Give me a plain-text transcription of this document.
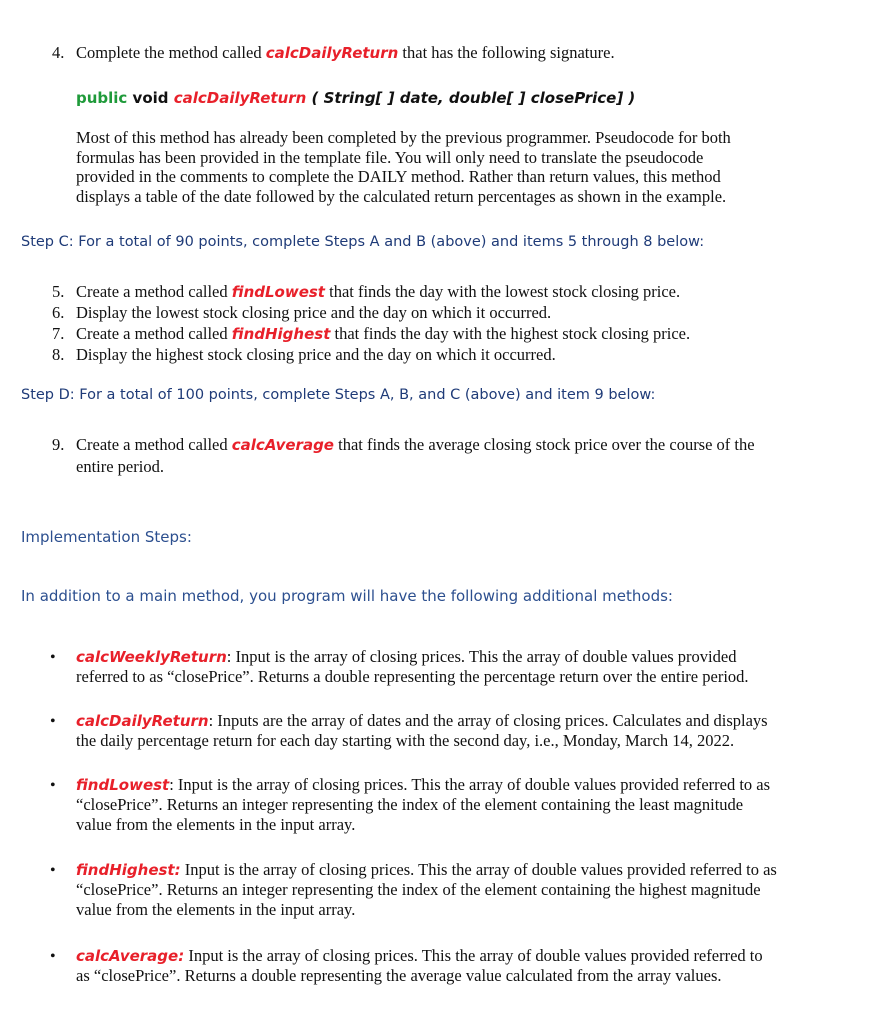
4. Complete the method called calcDailyReturn that has the following signature.
public void calcDailyReturn ( String[ ] date, double[ ] closePrice] )
Most of this method has already been completed by the previous programmer. Pseudocode for both
formulas has been provided in the template file. You will only need to translate the pseudocode
provided in the comments to complete the DAILY method. Rather than return values, this method
displays a table of the date followed by the calculated return percentages as shown in the example.
Step C: For a total of 90 points, complete Steps A and B (above) and items 5 through 8 below:
5. Create a method called findLowest that finds the day with the lowest stock closing price.
6. Display the lowest stock closing price and the day on which it occurred.
7. Create a method called findHighest that finds the day with the highest stock closing price.
8. Display the highest stock closing price and the day on which it occurred.
Step D: For a total of 100 points, complete Steps A, B, and C (above) and item 9 below:
9. Create a method called calcAverage that finds the average closing stock price over the course of the
entire period.
Implementation Steps:
In addition to a main method, you program will have the following additional methods:
• calcWeeklyReturn: Input is the array of closing prices. This the array of double values provided
referred to as “closePrice”. Returns a double representing the percentage return over the entire period.
• calcDailyReturn: Inputs are the array of dates and the array of closing prices. Calculates and displays
the daily percentage return for each day starting with the second day, i.e., Monday, March 14, 2022.
• findLowest: Input is the array of closing prices. This the array of double values provided referred to as
“closePrice”. Returns an integer representing the index of the element containing the least magnitude
value from the elements in the input array.
• findHighest: Input is the array of closing prices. This the array of double values provided referred to as
“closePrice”. Returns an integer representing the index of the element containing the highest magnitude
value from the elements in the input array.
• calcAverage: Input is the array of closing prices. This the array of double values provided referred to
as “closePrice”. Returns a double representing the average value calculated from the array values.
